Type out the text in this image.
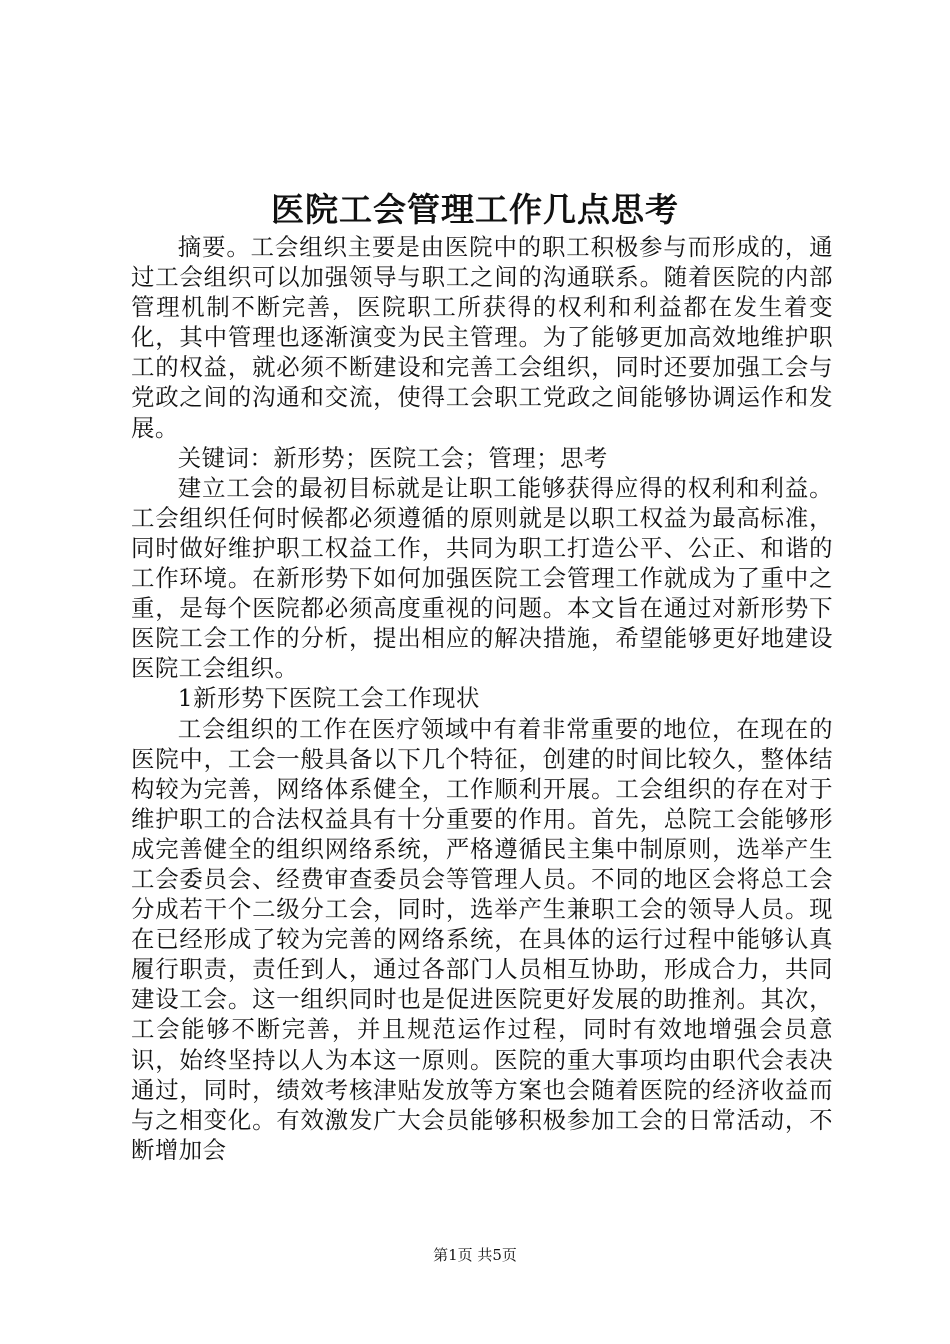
医院工会管理工作几点思考

摘要。工会组织主要是由医院中的职工积极参与而形成的，通过工会组织可以加强领导与职工之间的沟通联系。随着医院的内部管理机制不断完善，医院职工所获得的权利和利益都在发生着变化，其中管理也逐渐演变为民主管理。为了能够更加高效地维护职工的权益，就必须不断建设和完善工会组织，同时还要加强工会与党政之间的沟通和交流，使得工会职工党政之间能够协调运作和发展。

关键词：新形势；医院工会；管理；思考

建立工会的最初目标就是让职工能够获得应得的权利和利益。工会组织任何时候都必须遵循的原则就是以职工权益为最高标准，同时做好维护职工权益工作，共同为职工打造公平、公正、和谐的工作环境。在新形势下如何加强医院工会管理工作就成为了重中之重，是每个医院都必须高度重视的问题。本文旨在通过对新形势下医院工会工作的分析，提出相应的解决措施，希望能够更好地建设医院工会组织。

1新形势下医院工会工作现状

工会组织的工作在医疗领域中有着非常重要的地位，在现在的医院中，工会一般具备以下几个特征，创建的时间比较久，整体结构较为完善，网络体系健全，工作顺利开展。工会组织的存在对于维护职工的合法权益具有十分重要的作用。首先，总院工会能够形成完善健全的组织网络系统，严格遵循民主集中制原则，选举产生工会委员会、经费审查委员会等管理人员。不同的地区会将总工会分成若干个二级分工会，同时，选举产生兼职工会的领导人员。现在已经形成了较为完善的网络系统，在具体的运行过程中能够认真履行职责，责任到人，通过各部门人员相互协助，形成合力，共同建设工会。这一组织同时也是促进医院更好发展的助推剂。其次，工会能够不断完善，并且规范运作过程，同时有效地增强会员意识，始终坚持以人为本这一原则。医院的重大事项均由职代会表决通过，同时，绩效考核津贴发放等方案也会随着医院的经济收益而与之相变化。有效激发广大会员能够积极参加工会的日常活动，不断增加会

第1页 共5页
